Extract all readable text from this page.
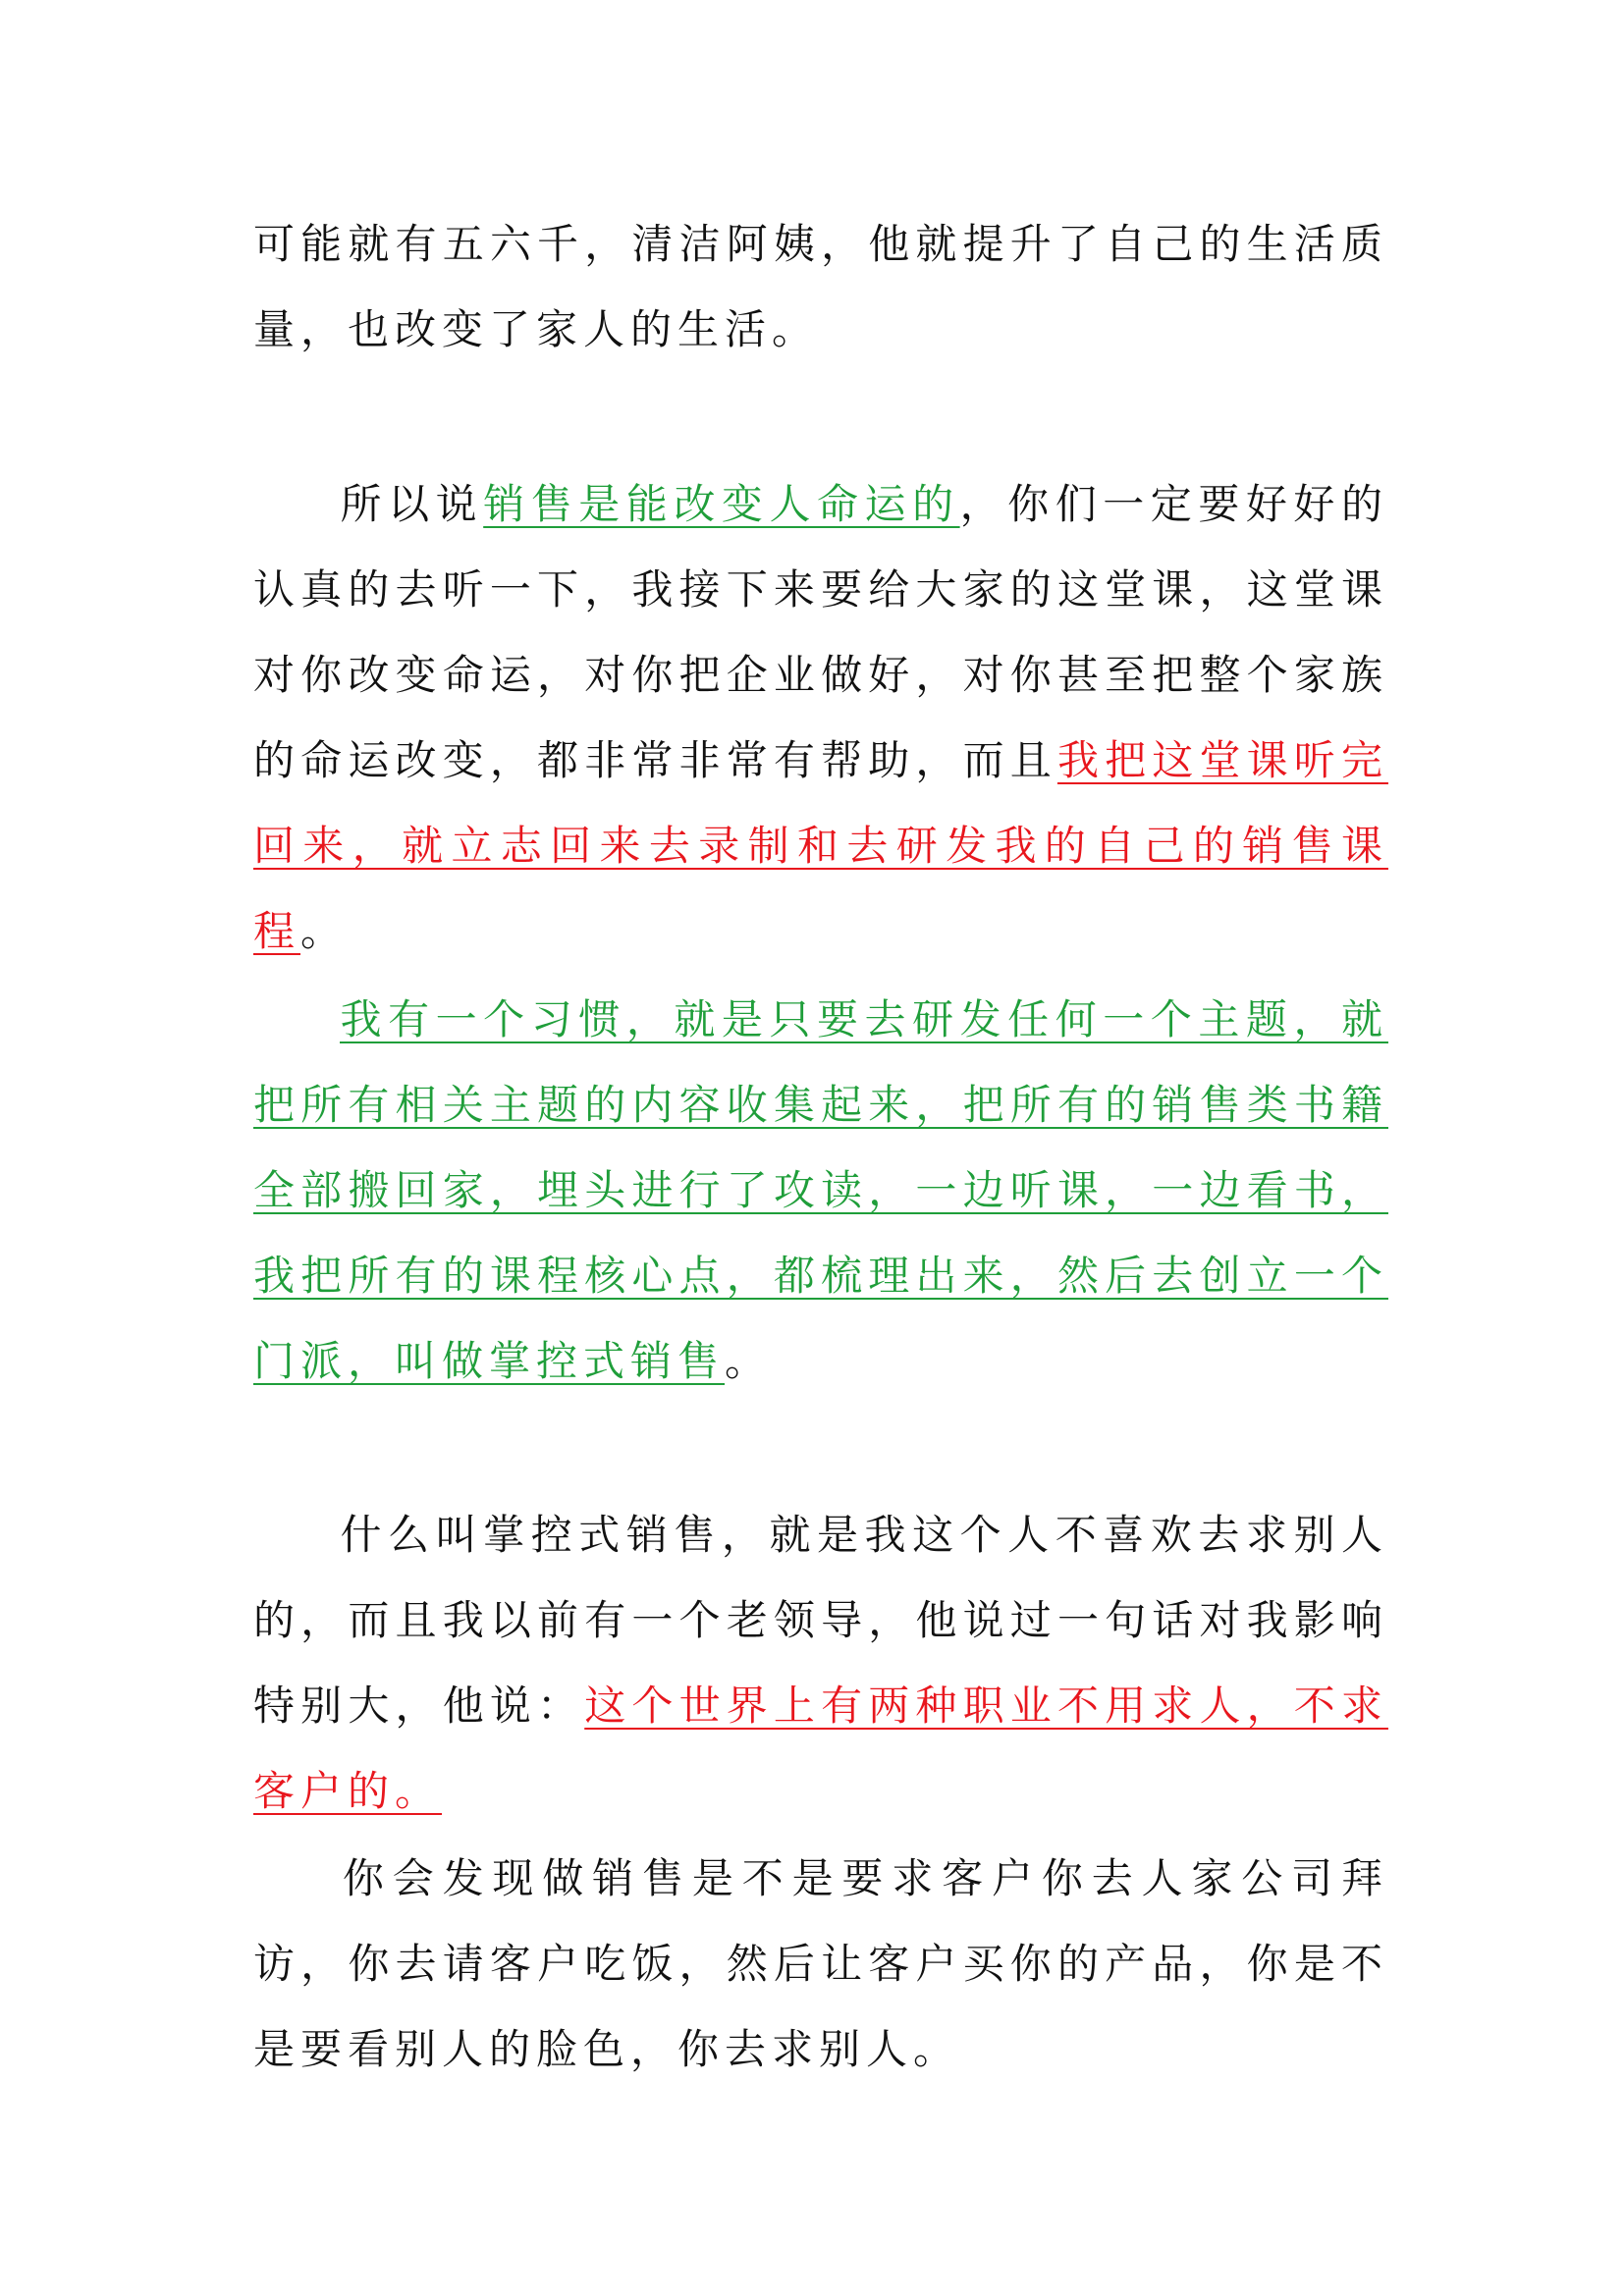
可能就有五六千，清洁阿姨，他就提升了自己的生活质量，也改变了家人的生活。

所以说销售是能改变人命运的，你们一定要好好的认真的去听一下，我接下来要给大家的这堂课，这堂课对你改变命运，对你把企业做好，对你甚至把整个家族的命运改变，都非常非常有帮助，而且我把这堂课听完回来，就立志回来去录制和去研发我的自己的销售课程。

我有一个习惯，就是只要去研发任何一个主题，就把所有相关主题的内容收集起来，把所有的销售类书籍全部搬回家，埋头进行了攻读，一边听课，一边看书，我把所有的课程核心点，都梳理出来，然后去创立一个门派，叫做掌控式销售。

什么叫掌控式销售，就是我这个人不喜欢去求别人的，而且我以前有一个老领导，他说过一句话对我影响特别大，他说：这个世界上有两种职业不用求人，不求客户的。

你会发现做销售是不是要求客户你去人家公司拜访，你去请客户吃饭，然后让客户买你的产品，你是不是要看别人的脸色，你去求别人。
